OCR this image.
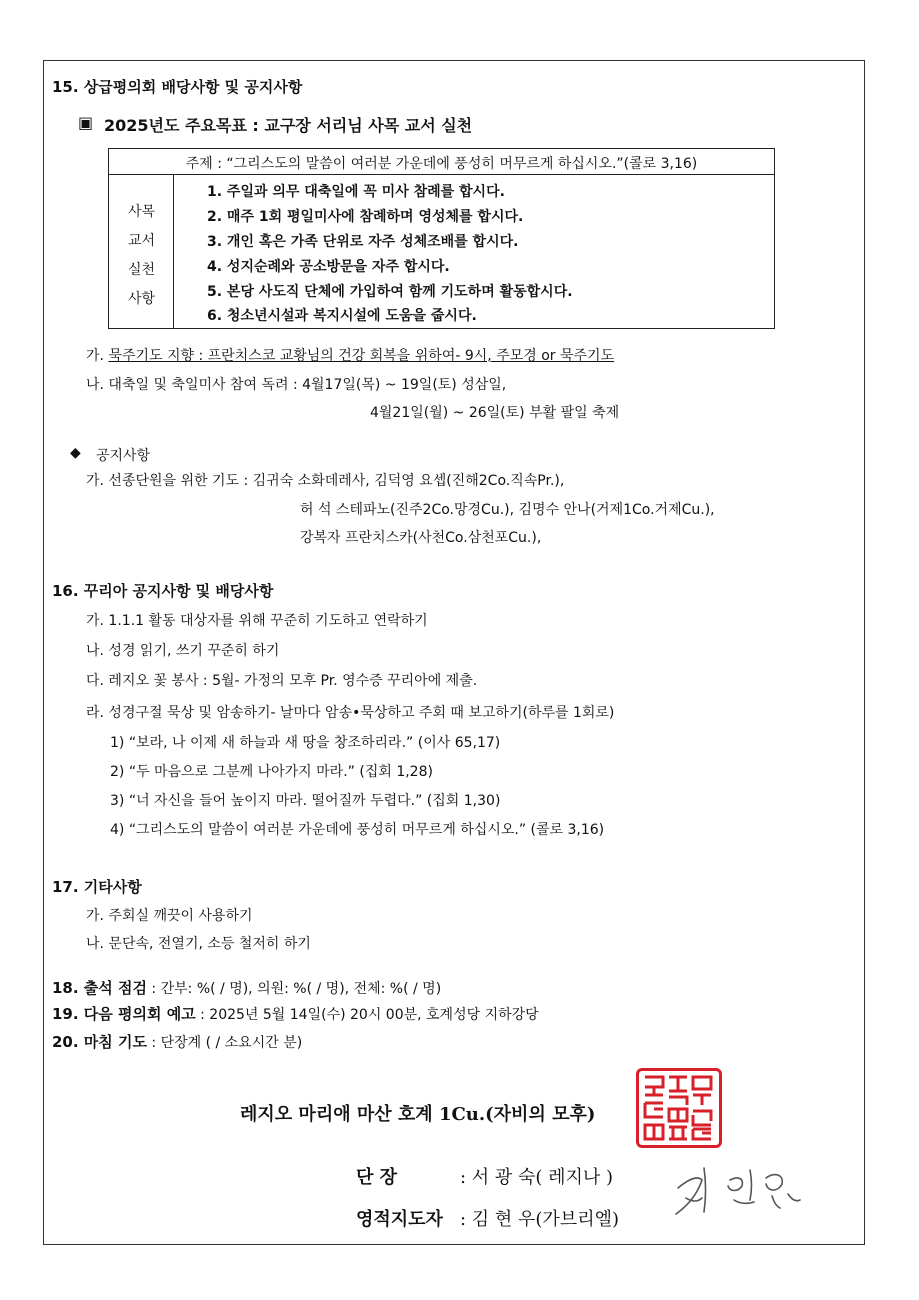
15. 상급평의회 배당사항 및 공지사항
▣ 2025년도 주요목표 : 교구장 서리님 사목 교서 실천
주제 : “그리스도의 말씀이 여러분 가운데에 풍성히 머무르게 하십시오.”(콜로 3,16)
사목
교서
실천
사항
1. 주일과 의무 대축일에 꼭 미사 참례를 합시다.
2. 매주 1회 평일미사에 참례하며 영성체를 합시다.
3. 개인 혹은 가족 단위로 자주 성체조배를 합시다.
4. 성지순례와 공소방문을 자주 합시다.
5. 본당 사도직 단체에 가입하여 함께 기도하며 활동합시다.
6. 청소년시설과 복지시설에 도움을 줍시다.
가. 묵주기도 지향 : 프란치스코 교황님의 건강 회복을 위하여- 9시, 주모경 or 묵주기도
나. 대축일 및 축일미사 참여 독려 : 4월17일(목) ~ 19일(토) 성삼일,
4월21일(월) ~ 26일(토) 부활 팔일 축제
◆ 공지사항
가. 선종단원을 위한 기도 : 김귀숙 소화데레사, 김덕영 요셉(진해2Co.직속Pr.),
허 석 스테파노(진주2Co.망경Cu.), 김명수 안나(거제1Co.거제Cu.),
강복자 프란치스카(사천Co.삼천포Cu.),
16. 꾸리아 공지사항 및 배당사항
가. 1.1.1 활동 대상자를 위해 꾸준히 기도하고 연락하기
나. 성경 읽기, 쓰기 꾸준히 하기
다. 레지오 꽃 봉사 : 5월- 가정의 모후 Pr. 영수증 꾸리아에 제출.
라. 성경구절 묵상 및 암송하기- 날마다 암송•묵상하고 주회 때 보고하기(하루를 1회로)
1) “보라, 나 이제 새 하늘과 새 땅을 창조하리라.” (이사 65,17)
2) “두 마음으로 그분께 나아가지 마라.” (집회 1,28)
3) “너 자신을 들어 높이지 마라. 떨어질까 두렵다.” (집회 1,30)
4) “그리스도의 말씀이 여러분 가운데에 풍성히 머무르게 하십시오.” (콜로 3,16)
17. 기타사항
가. 주회실 깨끗이 사용하기
나. 문단속, 전열기, 소등 철저히 하기
18. 출석 점검 : 간부: %( / 명), 의원: %( / 명), 전체: %( / 명)
19. 다음 평의회 예고 : 2025년 5월 14일(수) 20시 00분, 호계성당 지하강당
20. 마침 기도 : 단장계 ( / 소요시간 분)
레지오 마리애 마산 호계 1Cu.(자비의 모후)
단 장	: 서 광 숙( 레지나 )
영적지도자 : 김 현 우(가브리엘)
